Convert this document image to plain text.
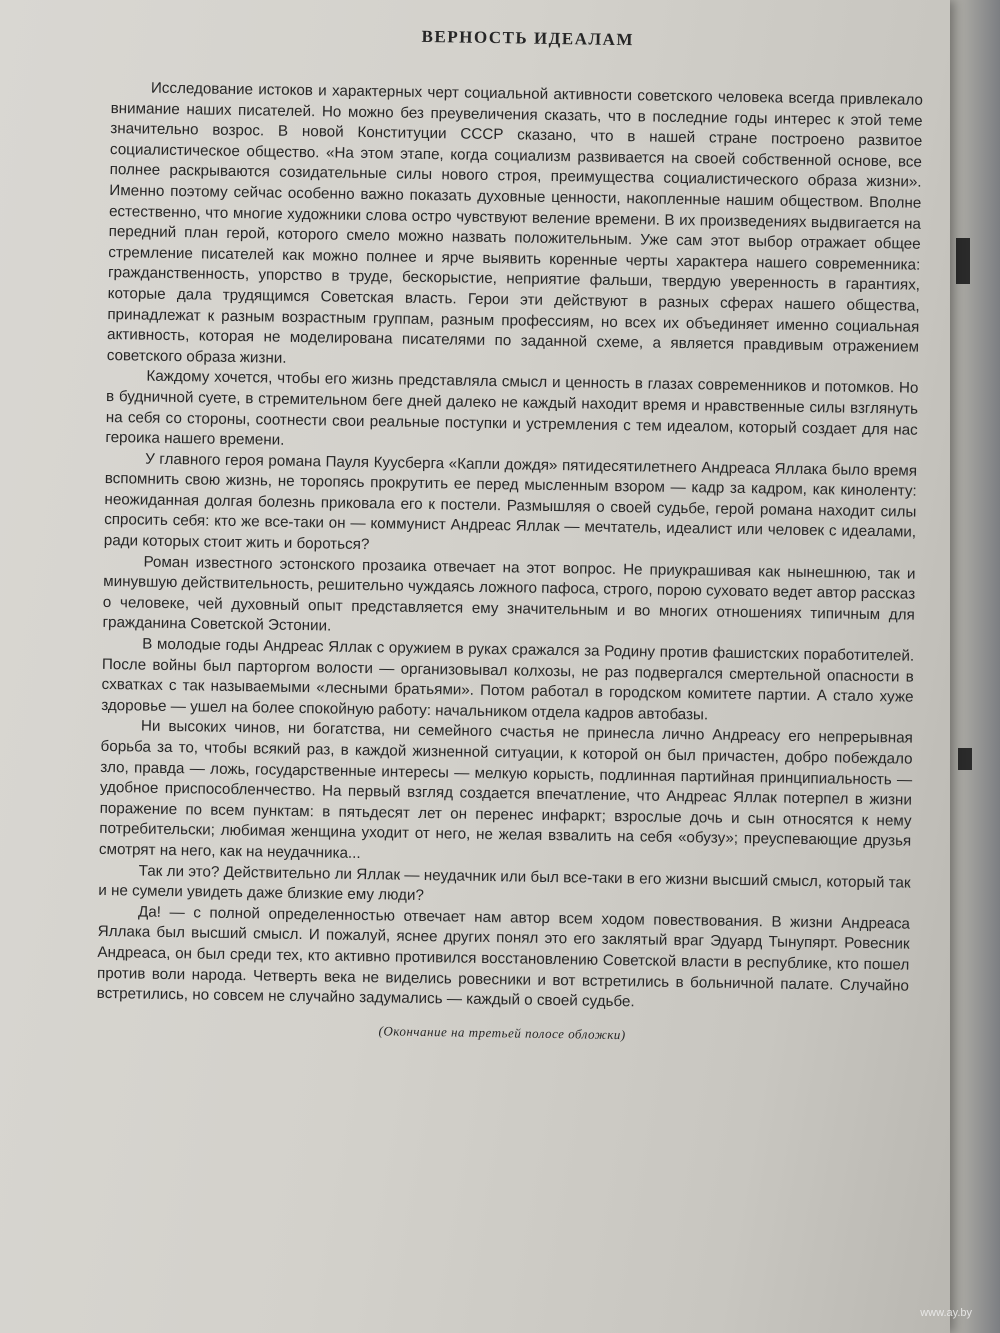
ВЕРНОСТЬ ИДЕАЛАМ

Исследование истоков и характерных черт социальной активности советского человека всегда привлекало внимание наших писателей. Но можно без преувеличения сказать, что в последние годы интерес к этой теме значительно возрос. В новой Конституции СССР сказано, что в нашей стране построено развитое социалистическое общество. «На этом этапе, когда социализм развивается на своей собственной основе, все полнее раскрываются созидательные силы нового строя, преимущества социалистического образа жизни». Именно поэтому сейчас особенно важно показать духовные ценности, накопленные нашим обществом. Вполне естественно, что многие художники слова остро чувствуют веление времени. В их произведениях выдвигается на передний план герой, которого смело можно назвать положительным. Уже сам этот выбор отражает общее стремление писателей как можно полнее и ярче выявить коренные черты характера нашего современника: гражданственность, упорство в труде, бескорыстие, неприятие фальши, твердую уверенность в гарантиях, которые дала трудящимся Советская власть. Герои эти действуют в разных сферах нашего общества, принадлежат к разным возрастным группам, разным профессиям, но всех их объединяет именно социальная активность, которая не моделирована писателями по заданной схеме, а является правдивым отражением советского образа жизни.

Каждому хочется, чтобы его жизнь представляла смысл и ценность в глазах современников и потомков. Но в будничной суете, в стремительном беге дней далеко не каждый находит время и нравственные силы взглянуть на себя со стороны, соотнести свои реальные поступки и устремления с тем идеалом, который создает для нас героика нашего времени.

У главного героя романа Пауля Куусберга «Капли дождя» пятидесятилетнего Андреаса Яллака было время вспомнить свою жизнь, не торопясь прокрутить ее перед мысленным взором — кадр за кадром, как киноленту: неожиданная долгая болезнь приковала его к постели. Размышляя о своей судьбе, герой романа находит силы спросить себя: кто же все-таки он — коммунист Андреас Яллак — мечтатель, идеалист или человек с идеалами, ради которых стоит жить и бороться?

Роман известного эстонского прозаика отвечает на этот вопрос. Не приукрашивая как нынешнюю, так и минувшую действительность, решительно чуждаясь ложного пафоса, строго, порою суховато ведет автор рассказ о человеке, чей духовный опыт представляется ему значительным и во многих отношениях типичным для гражданина Советской Эстонии.

В молодые годы Андреас Яллак с оружием в руках сражался за Родину против фашистских поработителей. После войны был парторгом волости — организовывал колхозы, не раз подвергался смертельной опасности в схватках с так называемыми «лесными братьями». Потом работал в городском комитете партии. А стало хуже здоровье — ушел на более спокойную работу: начальником отдела кадров автобазы.

Ни высоких чинов, ни богатства, ни семейного счастья не принесла лично Андреасу его непрерывная борьба за то, чтобы всякий раз, в каждой жизненной ситуации, к которой он был причастен, добро побеждало зло, правда — ложь, государственные интересы — мелкую корысть, подлинная партийная принципиальность — удобное приспособленчество. На первый взгляд создается впечатление, что Андреас Яллак потерпел в жизни поражение по всем пунктам: в пятьдесят лет он перенес инфаркт; взрослые дочь и сын относятся к нему потребительски; любимая женщина уходит от него, не желая взвалить на себя «обузу»; преуспевающие друзья смотрят на него, как на неудачника...

Так ли это? Действительно ли Яллак — неудачник или был все-таки в его жизни высший смысл, который так и не сумели увидеть даже близкие ему люди?

Да! — с полной определенностью отвечает нам автор всем ходом повествования. В жизни Андреаса Яллака был высший смысл. И пожалуй, яснее других понял это его заклятый враг Эдуард Тынупярт. Ровесник Андреаса, он был среди тех, кто активно противился восстановлению Советской власти в республике, кто пошел против воли народа. Четверть века не виделись ровесники и вот встретились в больничной палате. Случайно встретились, но совсем не случайно задумались — каждый о своей судьбе.

(Окончание на третьей полосе обложки)
www.ay.by
